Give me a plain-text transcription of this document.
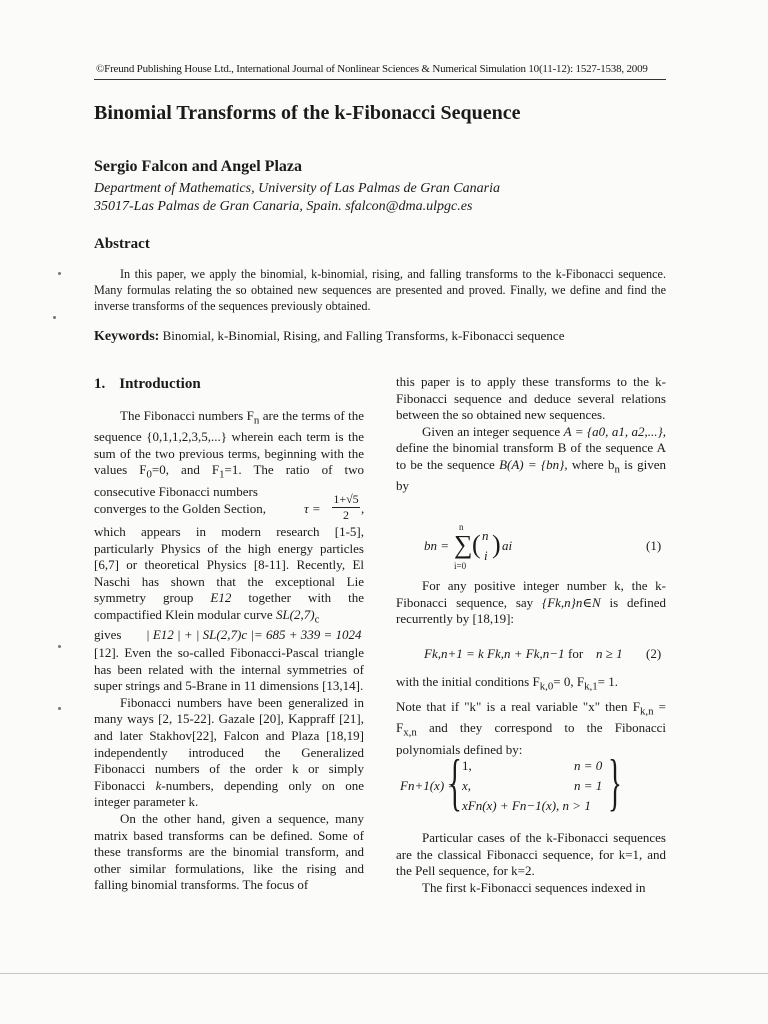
©Freund Publishing House Ltd., International Journal of Nonlinear Sciences & Numerical Simulation 10(11-12): 1527-1538, 2009
Binomial Transforms of the k-Fibonacci Sequence
Sergio Falcon and Angel Plaza
Department of Mathematics, University of Las Palmas de Gran Canaria
35017-Las Palmas de Gran Canaria, Spain. sfalcon@dma.ulpgc.es
Abstract
In this paper, we apply the binomial, k-binomial, rising, and falling transforms to the k-Fibonacci sequence. Many formulas relating the so obtained new sequences are presented and proved. Finally, we define and find the inverse transforms of the sequences previously obtained.
Keywords: Binomial, k-Binomial, Rising, and Falling Transforms, k-Fibonacci sequence
1. Introduction

The Fibonacci numbers $F_n$ are the terms of the sequence {0,1,1,2,3,5,...} wherein each term is the sum of the two previous terms, beginning with the values $F_0=0$, and $F_1=1$. The ratio of two consecutive Fibonacci numbers

converges to the Golden Section,	τ =
1+√5
2 ,

which appears in modern research [1-5], particularly Physics of the high energy particles [6,7] or theoretical Physics [8-11]. Recently, El Naschi has shown that the exceptional Lie symmetry group E12 together with the compactified Klein modular curve $SL(2,7)_c$

gives | E12 | + | SL(2,7)c |= 685 + 339 = 1024

[12]. Even the so-called Fibonacci-Pascal triangle has been related with the internal symmetries of super strings and 5-Brane in 11 dimensions [13,14].

Fibonacci numbers have been generalized in many ways [2, 15-22]. Gazale [20], Kappraff [21], and later Stakhov[22], Falcon and Plaza [18,19] independently introduced the Generalized Fibonacci numbers of the order k or simply Fibonacci k-numbers, depending only on one integer parameter k.

On the other hand, given a sequence, many matrix based transforms can be defined. Some of these transforms are the binomial transform, and other similar formulations, like the rising and falling binomial transforms. The focus of

this paper is to apply these transforms to the k-Fibonacci sequence and deduce several relations between the so obtained new sequences.

Given an integer sequence A = {a0, a1, a2,...}, define the binomial transform B of the sequence A to be the sequence B(A) = {bn}, where $b_n$ is given by

bn =
n
∑
i=0
( n
i ) ai	(1)

For any positive integer number k, the k-Fibonacci sequence, say {Fk,n}n∈N is defined recurrently by [18,19]:

Fk,n+1 = k Fk,n + Fk,n−1 for n ≥ 1 (2)

with the initial conditions $F_{k,0}= 0$, $F_{k,1}= 1$.

Note that if "k" is a real variable "x" then $F_{k,n} = F_{x,n}$ and they correspond to the Fibonacci polynomials defined by:

Fn+1(x) =
{ 1,	n = 0
x,	n = 1
xFn(x) + Fn−1(x), n > 1 }

Particular cases of the k-Fibonacci sequences are the classical Fibonacci sequence, for k=1, and the Pell sequence, for k=2.

The first k-Fibonacci sequences indexed in
